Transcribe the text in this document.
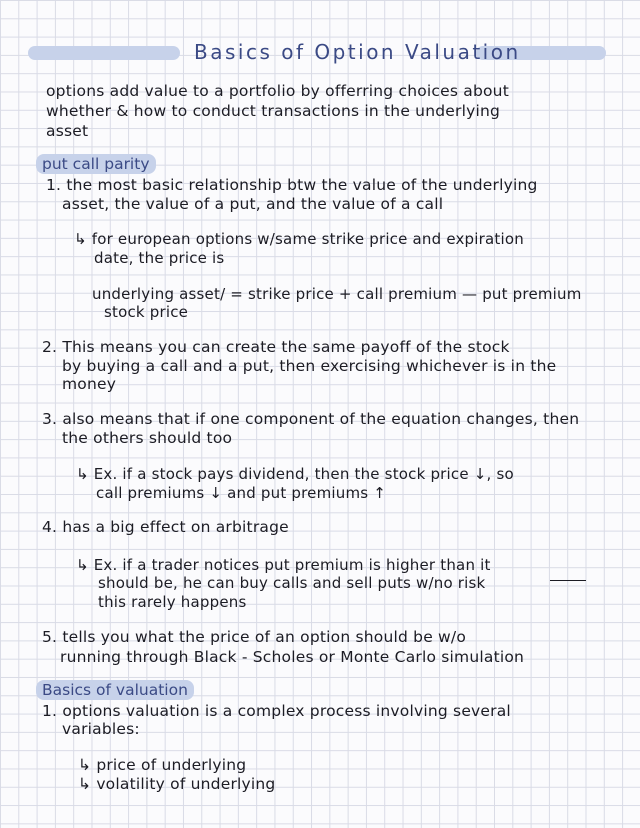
Basics of Option Valuation
options add value to a portfolio by offerring choices about
whether & how to conduct transactions in the underlying
asset
put call parity
1. the most basic relationship btw the value of the underlying
asset, the value of a put, and the value of a call
↳ for european options w/same strike price and expiration
date, the price is
underlying asset/ = strike price + call premium — put premium
stock price
2. This means you can create the same payoff of the stock
by buying a call and a put, then exercising whichever is in the
money
3. also means that if one component of the equation changes, then
the others should too
↳ Ex. if a stock pays dividend, then the stock price ↓, so
call premiums ↓ and put premiums ↑
4. has a big effect on arbitrage
↳ Ex. if a trader notices put premium is higher than it
should be, he can buy calls and sell puts w/no risk
this rarely happens
5. tells you what the price of an option should be w/o
running through Black - Scholes or Monte Carlo simulation
Basics of valuation
1. options valuation is a complex process involving several
variables:
↳ price of underlying
↳ volatility of underlying
